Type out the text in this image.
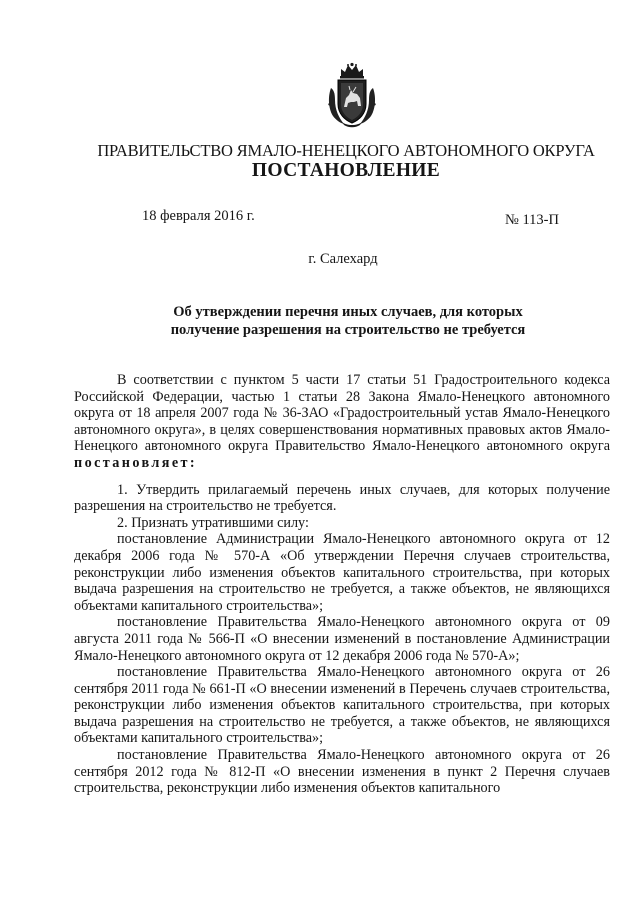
ПРАВИТЕЛЬСТВО ЯМАЛО-НЕНЕЦКОГО АВТОНОМНОГО ОКРУГА
ПОСТАНОВЛЕНИЕ
18 февраля 2016 г.	№ 113-П
г. Салехард
Об утверждении перечня иных случаев, для которых
получение разрешения на строительство не требуется

В соответствии с пунктом 5 части 17 статьи 51 Градостроительного кодекса Российской Федерации, частью 1 статьи 28 Закона Ямало-Ненецкого автономного округа от 18 апреля 2007 года № 36-ЗАО «Градостроительный устав Ямало-Ненецкого автономного округа», в целях совершенствования нормативных правовых актов Ямало-Ненецкого автономного округа Правительство Ямало-Ненецкого автономного округа постановляет:

1. Утвердить прилагаемый перечень иных случаев, для которых получение разрешения на строительство не требуется.

2. Признать утратившими силу:

постановление Администрации Ямало-Ненецкого автономного округа от 12 декабря 2006 года № 570-А «Об утверждении Перечня случаев строительства, реконструкции либо изменения объектов капитального строительства, при которых выдача разрешения на строительство не требуется, а также объектов, не являющихся объектами капитального строительства»;

постановление Правительства Ямало-Ненецкого автономного округа от 09 августа 2011 года № 566-П «О внесении изменений в постановление Администрации Ямало-Ненецкого автономного округа от 12 декабря 2006 года № 570-А»;

постановление Правительства Ямало-Ненецкого автономного округа от 26 сентября 2011 года № 661-П «О внесении изменений в Перечень случаев строительства, реконструкции либо изменения объектов капитального строительства, при которых выдача разрешения на строительство не требуется, а также объектов, не являющихся объектами капитального строительства»;

постановление Правительства Ямало-Ненецкого автономного округа от 26 сентября 2012 года № 812-П «О внесении изменения в пункт 2 Перечня случаев строительства, реконструкции либо изменения объектов капитального
